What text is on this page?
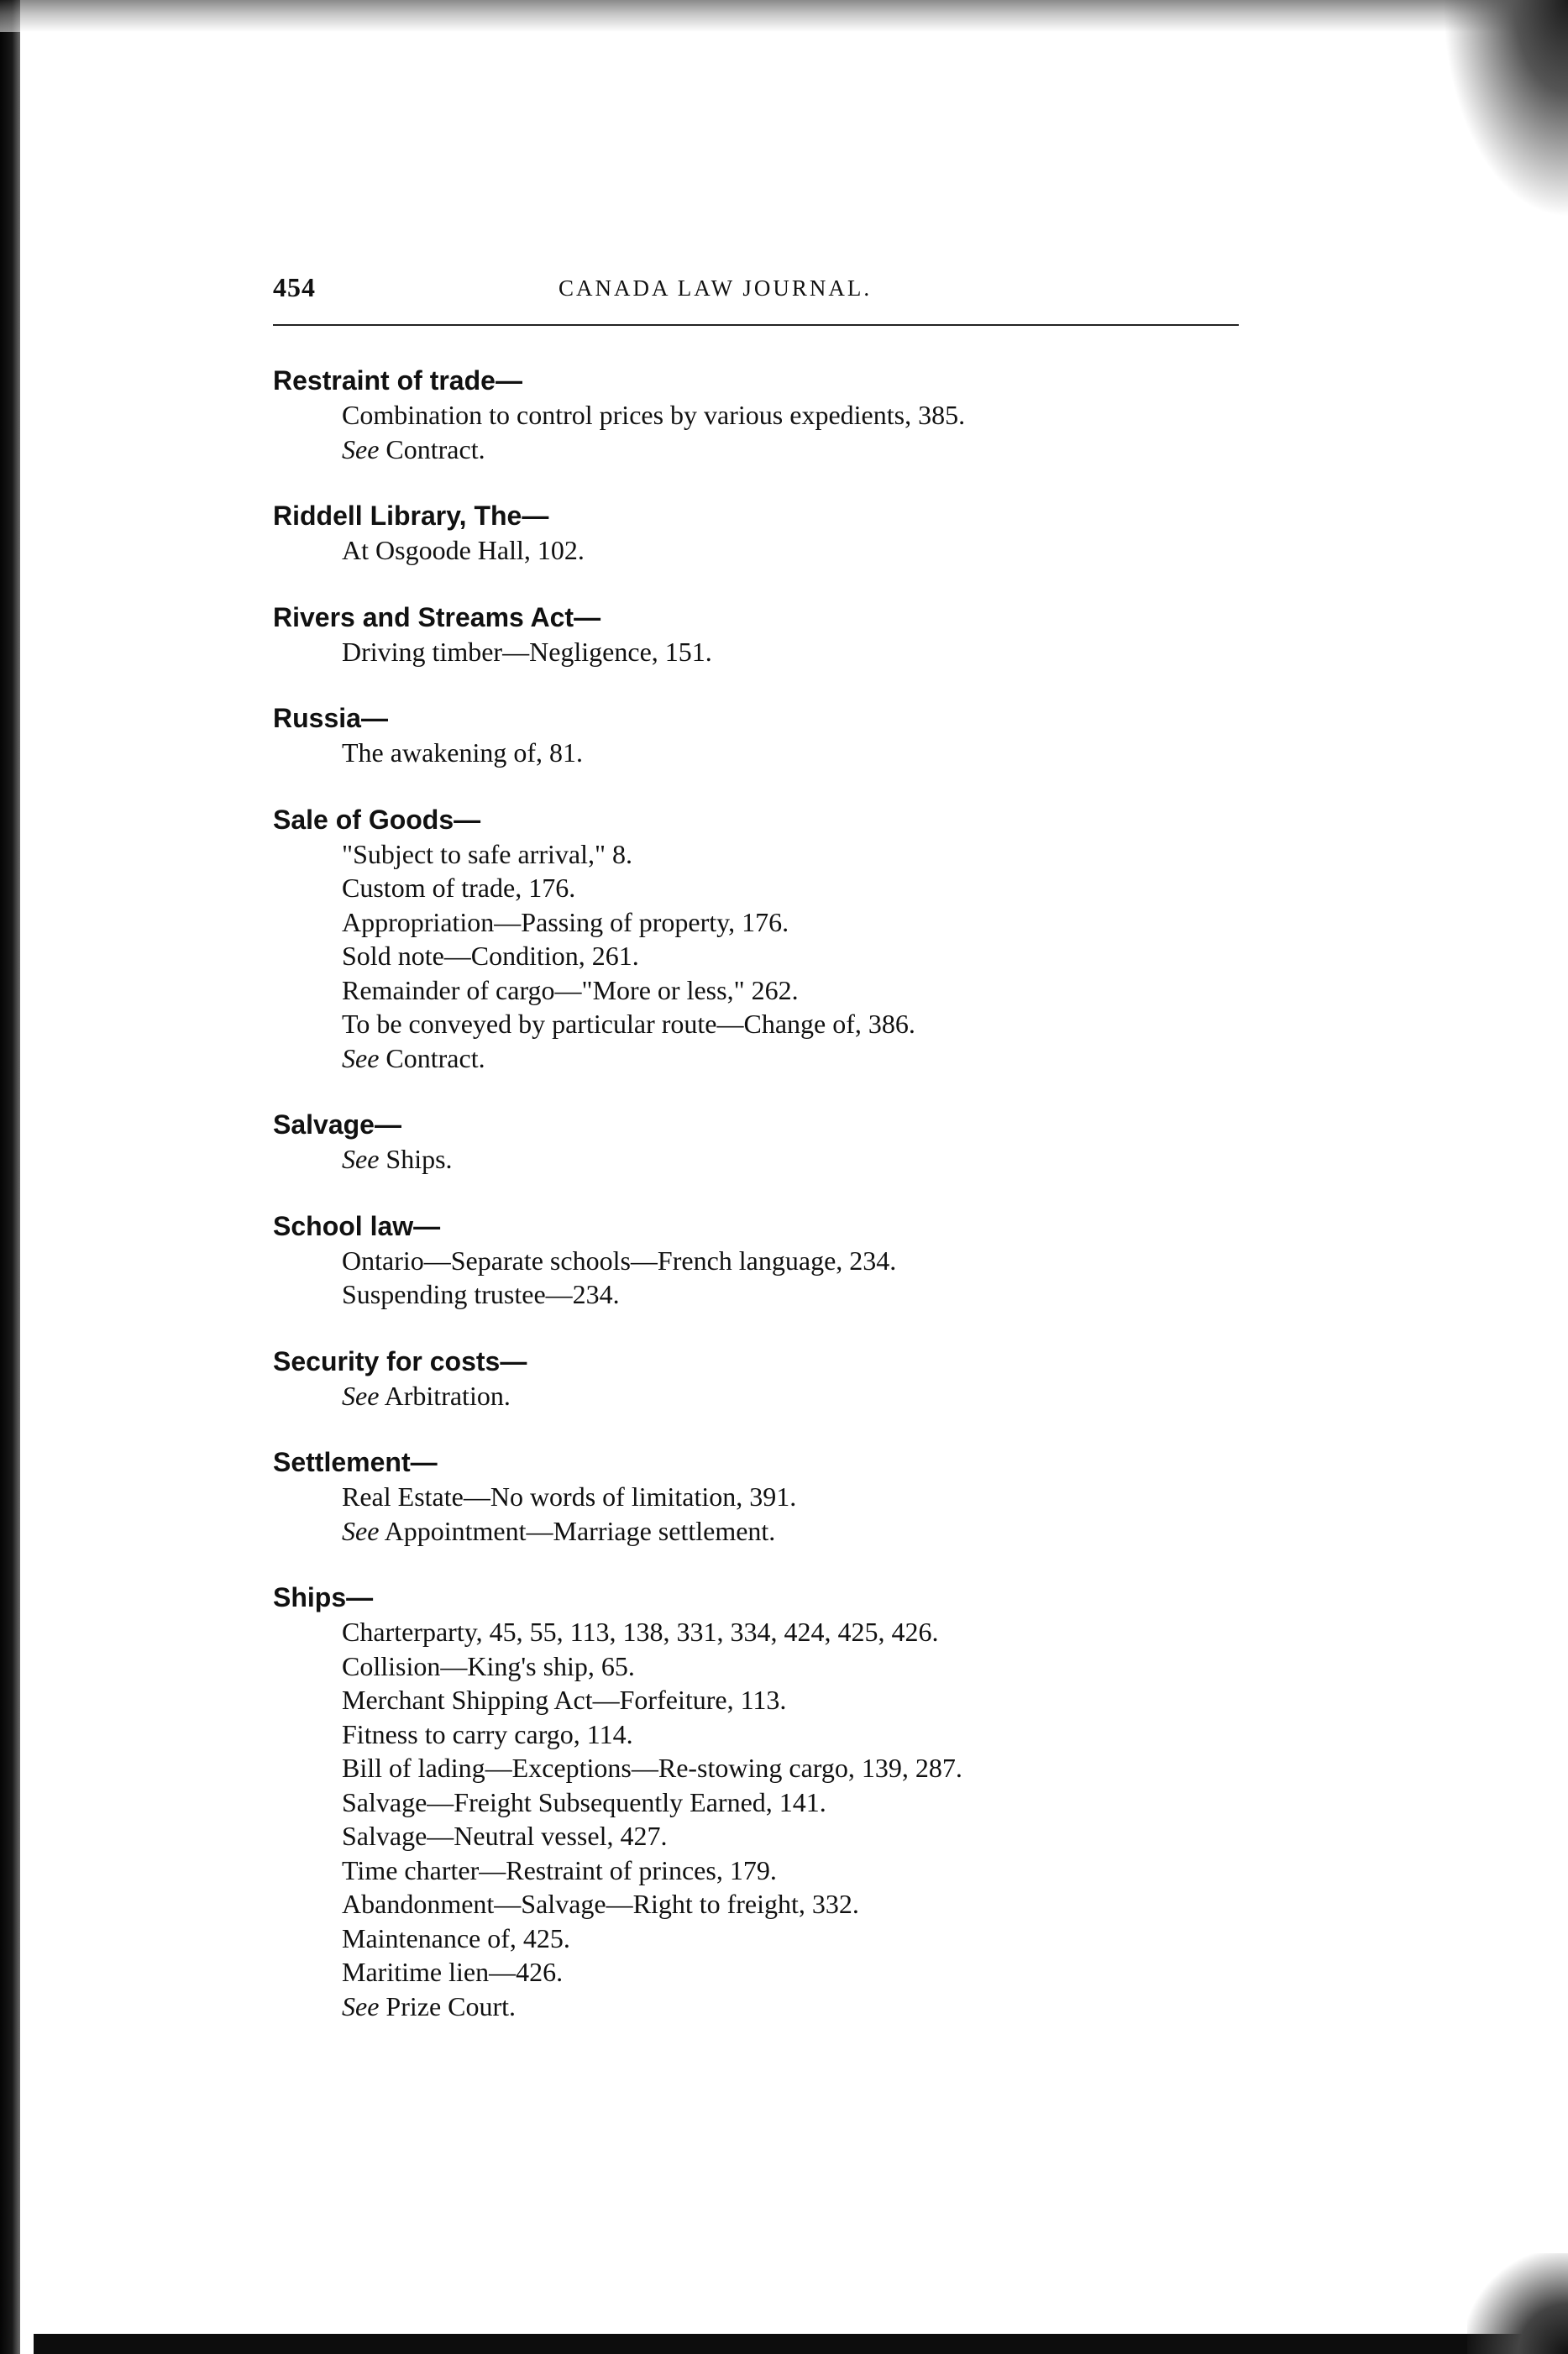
454	CANADA LAW JOURNAL.
Restraint of trade—
Combination to control prices by various expedients, 385.
See Contract.
Riddell Library, The—
At Osgoode Hall, 102.
Rivers and Streams Act—
Driving timber—Negligence, 151.
Russia—
The awakening of, 81.
Sale of Goods—
"Subject to safe arrival," 8.
Custom of trade, 176.
Appropriation—Passing of property, 176.
Sold note—Condition, 261.
Remainder of cargo—"More or less," 262.
To be conveyed by particular route—Change of, 386.
See Contract.
Salvage—
See Ships.
School law—
Ontario—Separate schools—French language, 234.
Suspending trustee—234.
Security for costs—
See Arbitration.
Settlement—
Real Estate—No words of limitation, 391.
See Appointment—Marriage settlement.
Ships—
Charterparty, 45, 55, 113, 138, 331, 334, 424, 425, 426.
Collision—King's ship, 65.
Merchant Shipping Act—Forfeiture, 113.
Fitness to carry cargo, 114.
Bill of lading—Exceptions—Re-stowing cargo, 139, 287.
Salvage—Freight Subsequently Earned, 141.
Salvage—Neutral vessel, 427.
Time charter—Restraint of princes, 179.
Abandonment—Salvage—Right to freight, 332.
Maintenance of, 425.
Maritime lien—426.
See Prize Court.
